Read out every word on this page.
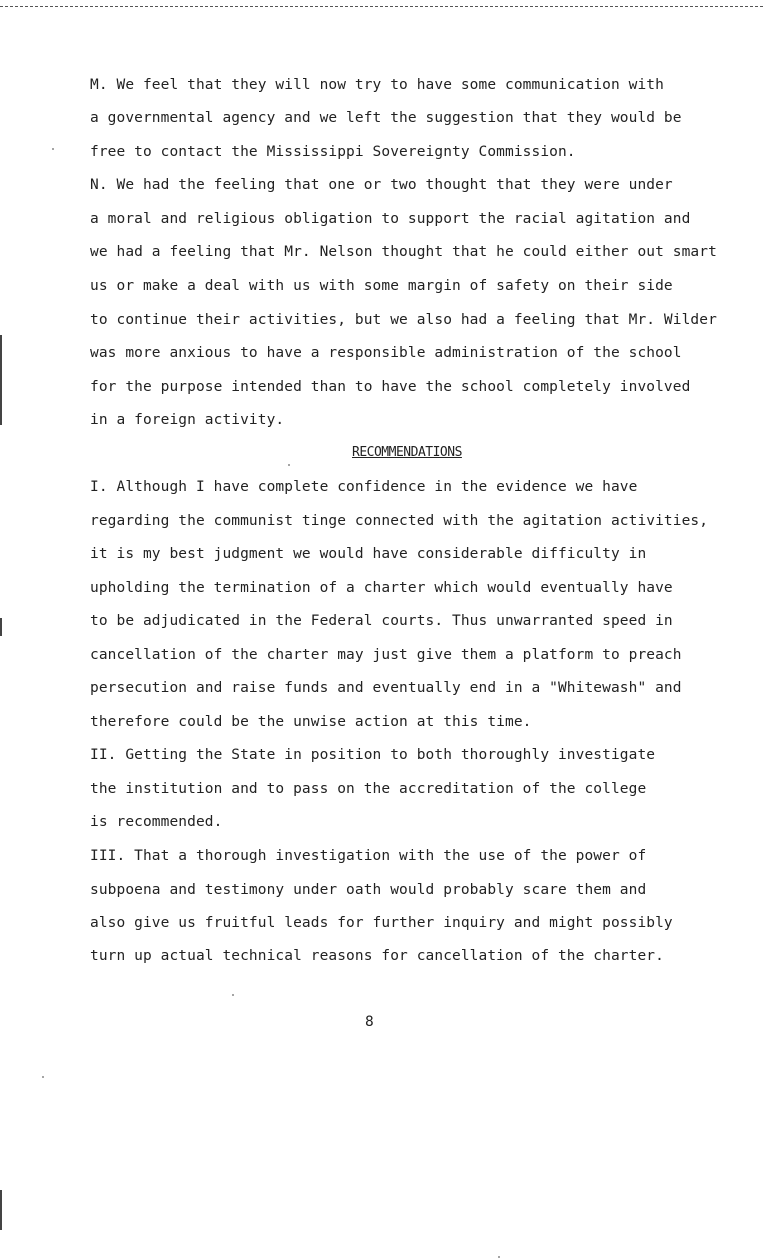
M. We feel that they will now try to have some communication with
a governmental agency and we left the suggestion that they would be
free to contact the Mississippi Sovereignty Commission.
N. We had the feeling that one or two thought that they were under
a moral and religious obligation to support the racial agitation and
we had a feeling that Mr. Nelson thought that he could either out smart
us or make a deal with us with some margin of safety on their side
to continue their activities, but we also had a feeling that Mr. Wilder
was more anxious to have a responsible administration of the school
for the purpose intended than to have the school completely involved
in a foreign activity.
I. Although I have complete confidence in the evidence we have
regarding the communist tinge connected with the agitation activities,
it is my best judgment we would have considerable difficulty in
upholding the termination of a charter which would eventually have
to be adjudicated in the Federal courts. Thus unwarranted speed in
cancellation of the charter may just give them a platform to preach
persecution and raise funds and eventually end in a "Whitewash" and
therefore could be the unwise action at this time.
II. Getting the State in position to both thoroughly investigate
the institution and to pass on the accreditation of the college
is recommended.
III. That a thorough investigation with the use of the power of
subpoena and testimony under oath would probably scare them and
also give us fruitful leads for further inquiry and might possibly
turn up actual technical reasons for cancellation of the charter.
RECOMMENDATIONS
8
